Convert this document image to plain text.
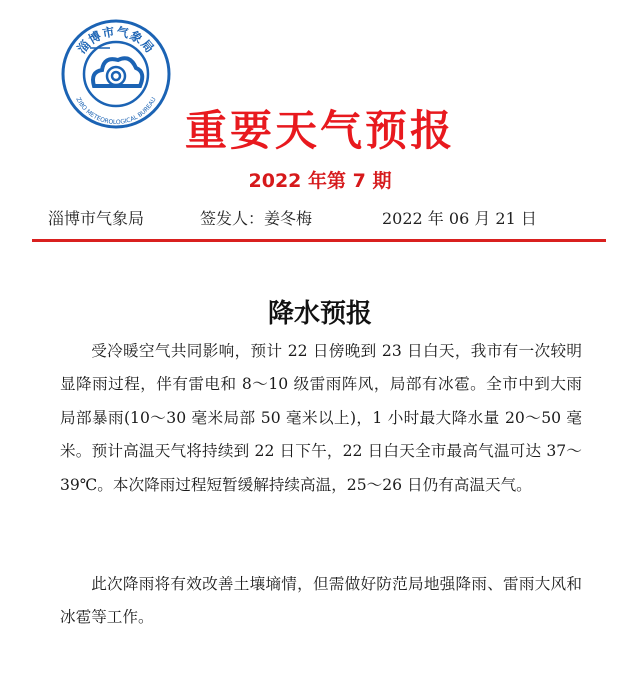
淄博市气象局
ZIBO METEOROLOGICAL BUREAU
重要天气预报
2022 年第 7 期
淄博市气象局	签发人：姜冬梅	2022 年 06 月 21 日
降水预报

受冷暖空气共同影响，预计 22 日傍晚到 23 日白天，我市有一次较明显降雨过程，伴有雷电和 8～10 级雷雨阵风，局部有冰雹。全市中到大雨局部暴雨(10～30 毫米局部 50 毫米以上)，1 小时最大降水量 20～50 毫米。预计高温天气将持续到 22 日下午，22 日白天全市最高气温可达 37～39℃。本次降雨过程短暂缓解持续高温，25～26 日仍有高温天气。

此次降雨将有效改善土壤墒情，但需做好防范局地强降雨、雷雨大风和冰雹等工作。
